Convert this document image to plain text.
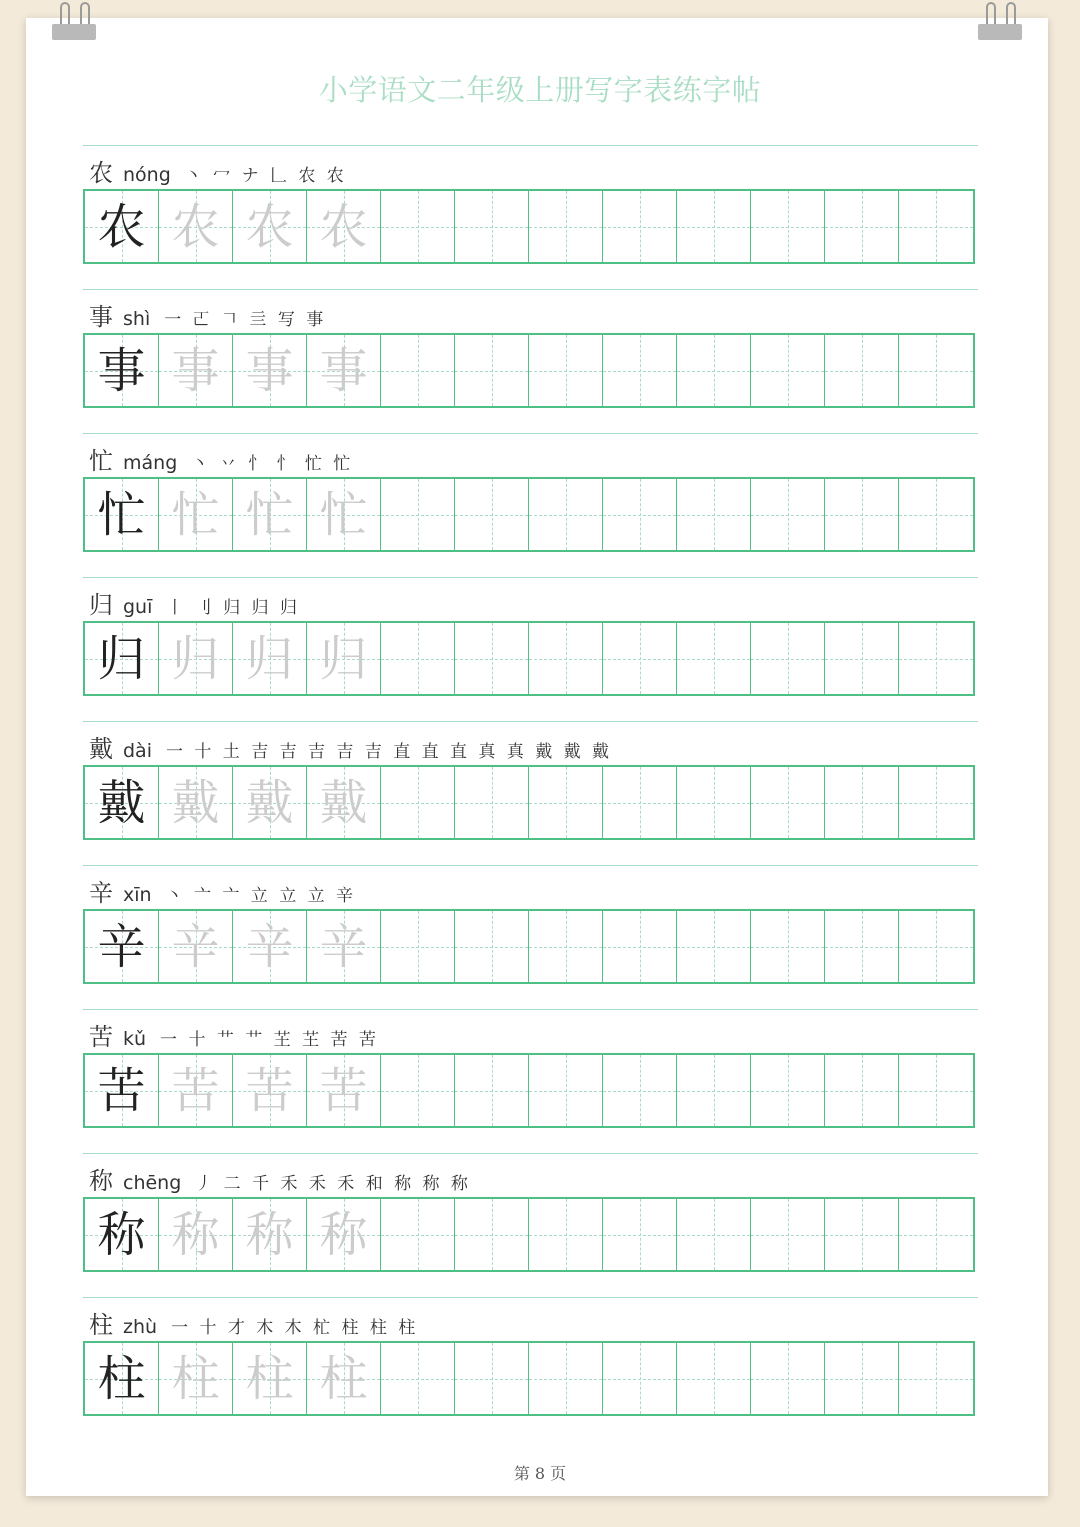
小学语文二年级上册写字表练字帖
农 nóng 丶 冖 ナ 𠃊 农 农
农 农 农 农
事 shì 一 𠀀 𠃍 亖 写 事
事 事 事 事
忙 máng 丶 丷 忄 忄 忙 忙
忙 忙 忙 忙
归 guī 丨 刂 归 归 归
归 归 归 归
戴 dài 一 十 土 吉 吉 吉 吉 吉 直 直 直 真 真 戴 戴 戴
戴 戴 戴 戴
辛 xīn 丶 亠 亠 立 立 立 辛
辛 辛 辛 辛
苦 kǔ 一 十 艹 艹 芏 芏 苦 苦
苦 苦 苦 苦
称 chēng 丿 二 千 禾 禾 禾 和 称 称 称
称 称 称 称
柱 zhù 一 十 才 木 木 杧 柱 柱 柱
柱 柱 柱 柱
第 8 页
